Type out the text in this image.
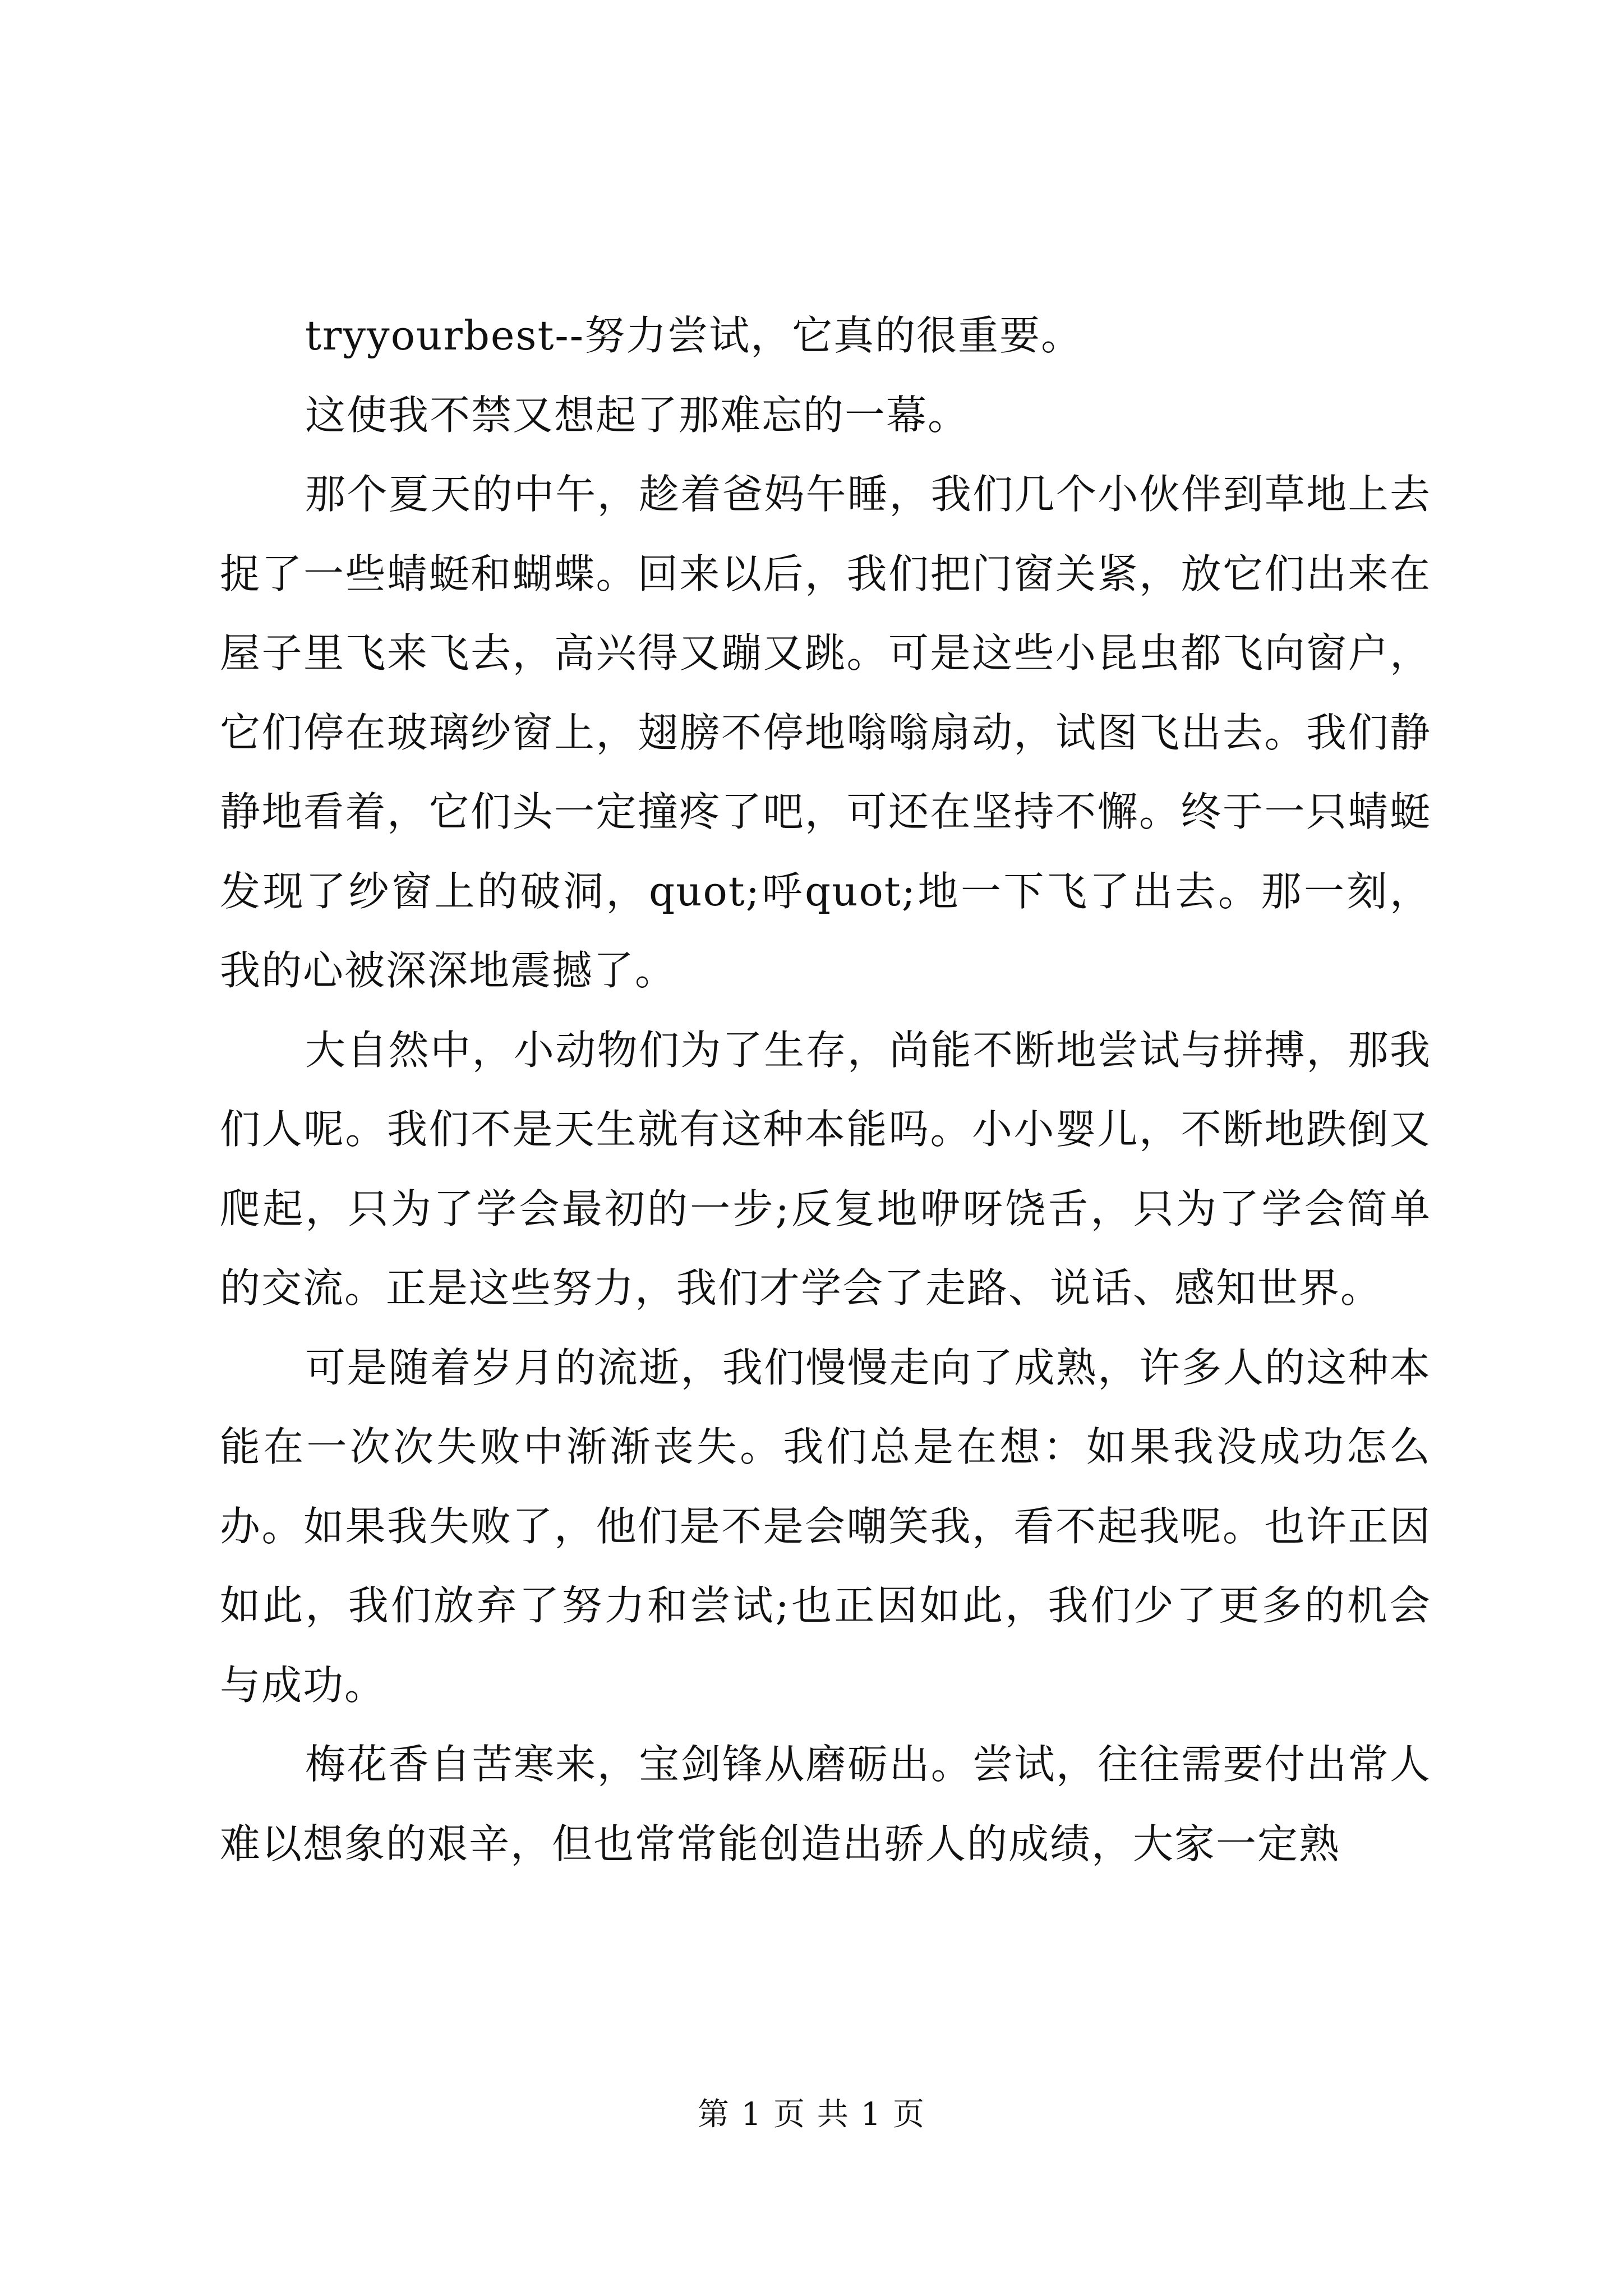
tryyourbest--努力尝试，它真的很重要。

这使我不禁又想起了那难忘的一幕。

那个夏天的中午，趁着爸妈午睡，我们几个小伙伴到草地上去捉了一些蜻蜓和蝴蝶。回来以后，我们把门窗关紧，放它们出来在屋子里飞来飞去，高兴得又蹦又跳。可是这些小昆虫都飞向窗户，它们停在玻璃纱窗上，翅膀不停地嗡嗡扇动，试图飞出去。我们静静地看着，它们头一定撞疼了吧，可还在坚持不懈。终于一只蜻蜓发现了纱窗上的破洞，quot;呼quot;地一下飞了出去。那一刻，我的心被深深地震撼了。

大自然中，小动物们为了生存，尚能不断地尝试与拼搏，那我们人呢。我们不是天生就有这种本能吗。小小婴儿，不断地跌倒又爬起，只为了学会最初的一步;反复地咿呀饶舌，只为了学会简单的交流。正是这些努力，我们才学会了走路、说话、感知世界。

可是随着岁月的流逝，我们慢慢走向了成熟，许多人的这种本能在一次次失败中渐渐丧失。我们总是在想：如果我没成功怎么办。如果我失败了，他们是不是会嘲笑我，看不起我呢。也许正因如此，我们放弃了努力和尝试;也正因如此，我们少了更多的机会与成功。

梅花香自苦寒来，宝剑锋从磨砺出。尝试，往往需要付出常人难以想象的艰辛，但也常常能创造出骄人的成绩，大家一定熟

第 1 页 共 1 页
